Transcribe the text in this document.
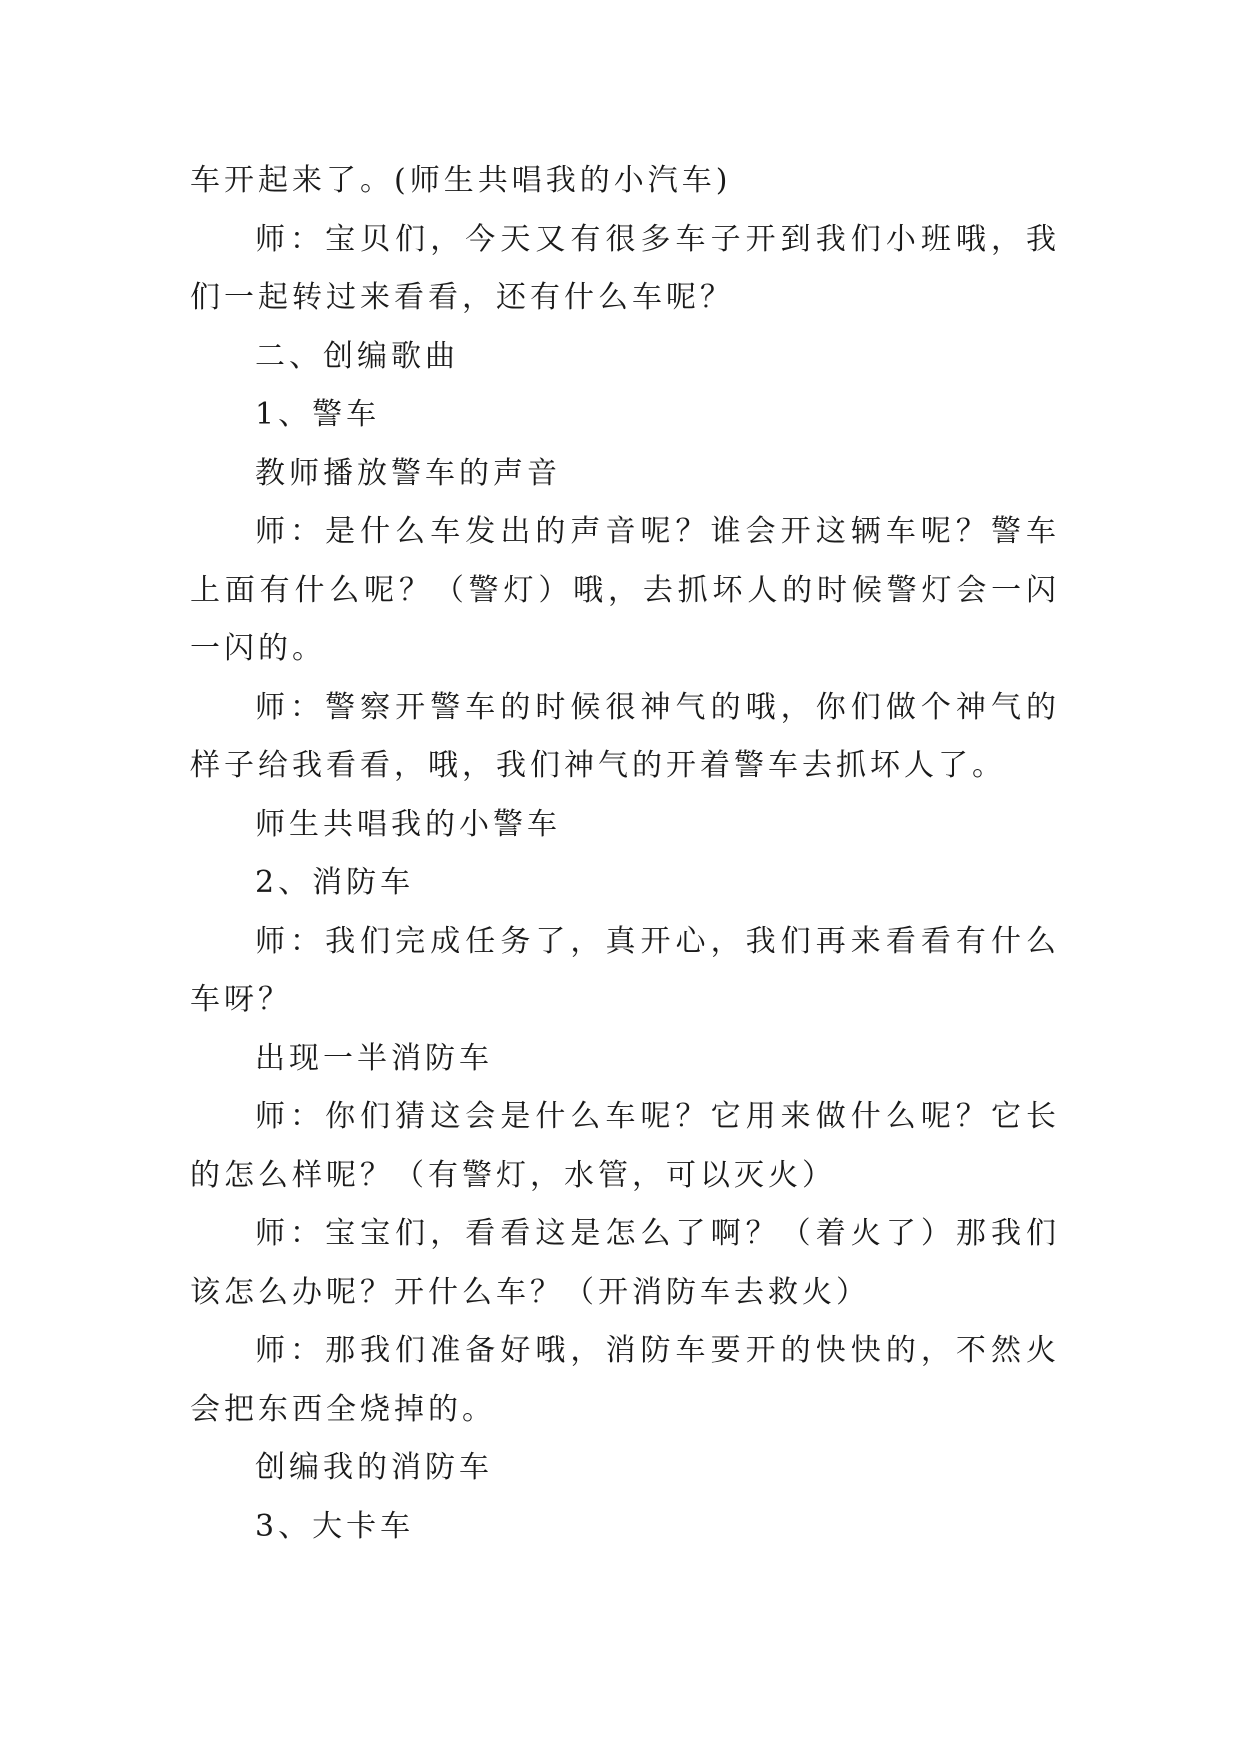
车开起来了。(师生共唱我的小汽车)

师：宝贝们，今天又有很多车子开到我们小班哦，我们一起转过来看看，还有什么车呢？

二、创编歌曲

1、警车

教师播放警车的声音

师：是什么车发出的声音呢？谁会开这辆车呢？警车上面有什么呢？（警灯）哦，去抓坏人的时候警灯会一闪一闪的。

师：警察开警车的时候很神气的哦，你们做个神气的样子给我看看，哦，我们神气的开着警车去抓坏人了。

师生共唱我的小警车

2、消防车

师：我们完成任务了，真开心，我们再来看看有什么车呀？

出现一半消防车

师：你们猜这会是什么车呢？它用来做什么呢？它长的怎么样呢？（有警灯，水管，可以灭火）

师：宝宝们，看看这是怎么了啊？（着火了）那我们该怎么办呢？开什么车？（开消防车去救火）

师：那我们准备好哦，消防车要开的快快的，不然火会把东西全烧掉的。

创编我的消防车

3、大卡车
